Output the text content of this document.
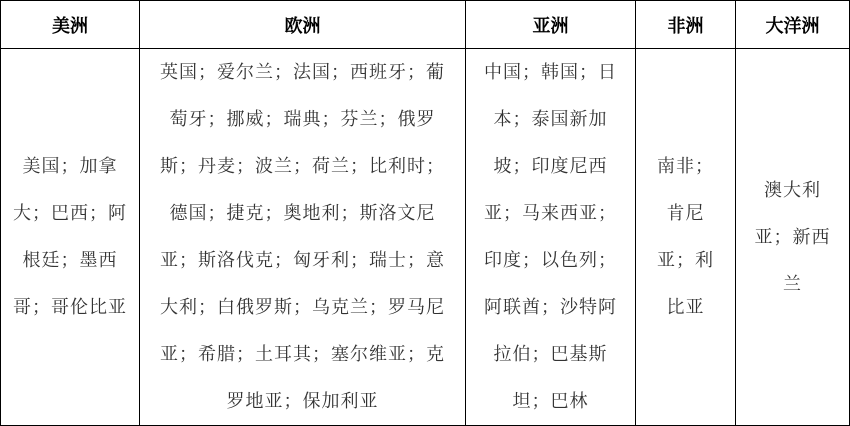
美洲	欧洲	亚洲	非洲	大洋洲
美国；加拿大；巴西；阿根廷；墨西哥；哥伦比亚	英国；爱尔兰；法国；西班牙；葡萄牙；挪威；瑞典；芬兰；俄罗斯；丹麦；波兰；荷兰；比利时；德国；捷克；奥地利；斯洛文尼亚；斯洛伐克；匈牙利；瑞士；意大利；白俄罗斯；乌克兰；罗马尼亚；希腊；土耳其；塞尔维亚；克罗地亚；保加利亚	中国；韩国；日本；泰国新加坡；印度尼西亚；马来西亚；印度；以色列；阿联酋；沙特阿拉伯；巴基斯坦；巴林	南非；肯尼亚；利比亚	澳大利亚；新西兰
